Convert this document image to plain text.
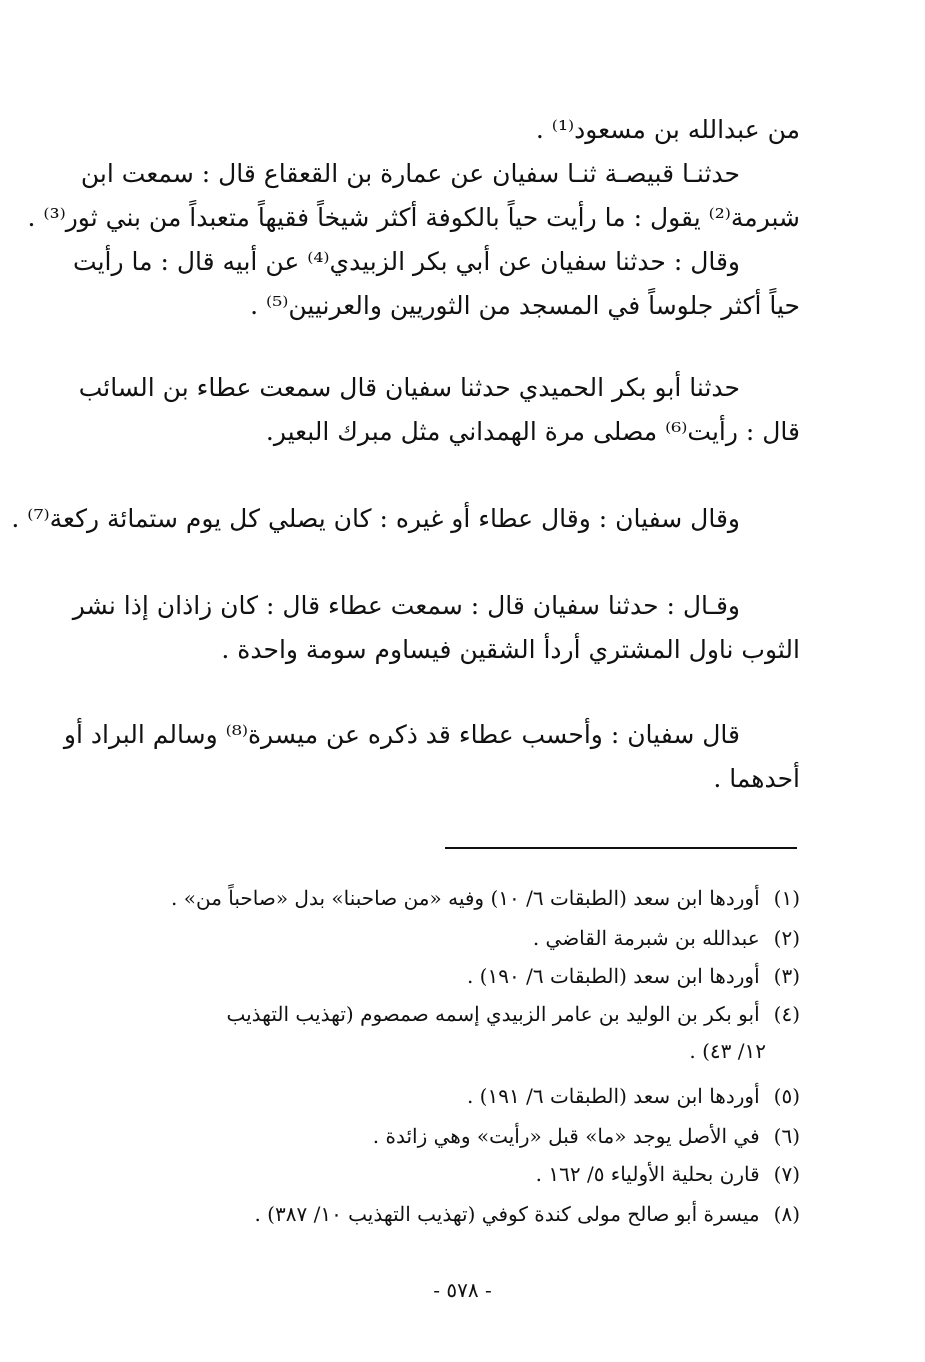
من عبدالله بن مسعود⁽¹⁾ .
حدثنـا قبيصـة ثنـا سفيان عن عمارة بن القعقاع قال : سمعت ابن
شبرمة⁽²⁾ يقول : ما رأيت حياً بالكوفة أكثر شيخاً فقيهاً متعبداً من بني ثور⁽³⁾ .
وقال : حدثنا سفيان عن أبي بكر الزبيدي⁽⁴⁾ عن أبيه قال : ما رأيت
حياً أكثر جلوساً في المسجد من الثوريين والعرنيين⁽⁵⁾ .
حدثنا أبو بكر الحميدي حدثنا سفيان قال سمعت عطاء بن السائب
قال : رأيت⁽⁶⁾ مصلى مرة الهمداني مثل مبرك البعير.
وقال سفيان : وقال عطاء أو غيره : كان يصلي كل يوم ستمائة ركعة⁽⁷⁾ .
وقـال : حدثنا سفيان قال : سمعت عطاء قال : كان زاذان إذا نشر
الثوب ناول المشتري أردأ الشقين فيساوم سومة واحدة .
قال سفيان : وأحسب عطاء قد ذكره عن ميسرة⁽⁸⁾ وسالم البراد أو
أحدهما .
(١) أوردها ابن سعد (الطبقات ٦/ ١٠) وفيه «من صاحبنا» بدل «صاحباً من» .
(٢) عبدالله بن شبرمة القاضي .
(٣) أوردها ابن سعد (الطبقات ٦/ ١٩٠) .
(٤) أبو بكر بن الوليد بن عامر الزبيدي إسمه صمصوم (تهذيب التهذيب
١٢/ ٤٣) .
(٥) أوردها ابن سعد (الطبقات ٦/ ١٩١) .
(٦) في الأصل يوجد «ما» قبل «رأيت» وهي زائدة .
(٧) قارن بحلية الأولياء ٥/ ١٦٢ .
(٨) ميسرة أبو صالح مولى كندة كوفي (تهذيب التهذيب ١٠/ ٣٨٧) .
- ٥٧٨ -
